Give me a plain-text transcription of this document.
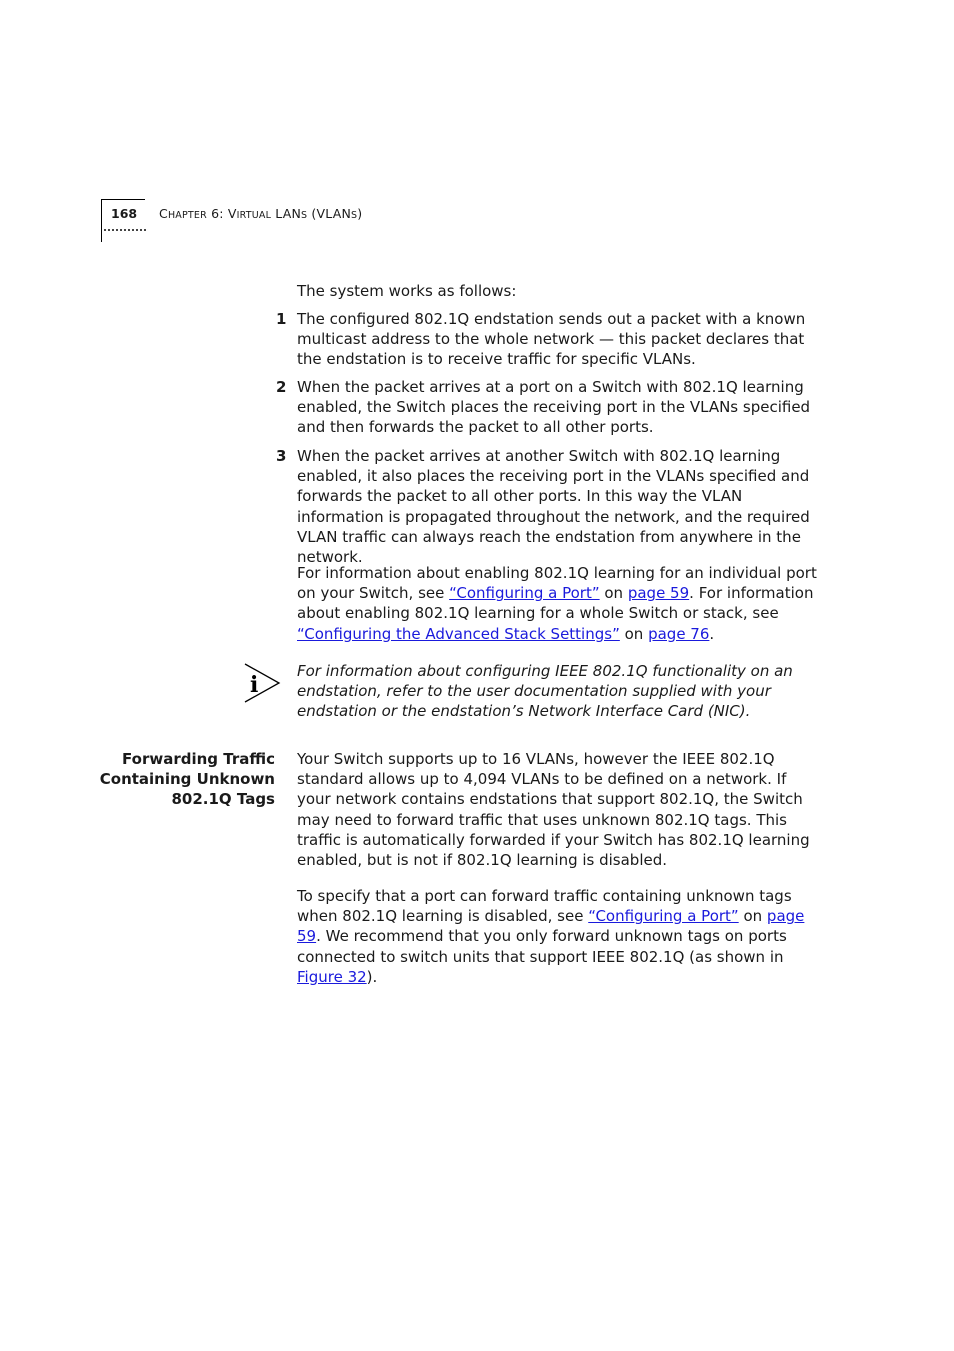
168 CHAPTER 6: VIRTUAL LANS (VLANS)
The system works as follows:
1 The configured 802.1Q endstation sends out a packet with a known multicast address to the whole network — this packet declares that the endstation is to receive traffic for specific VLANs.
2 When the packet arrives at a port on a Switch with 802.1Q learning enabled, the Switch places the receiving port in the VLANs specified and then forwards the packet to all other ports.
3 When the packet arrives at another Switch with 802.1Q learning enabled, it also places the receiving port in the VLANs specified and forwards the packet to all other ports. In this way the VLAN information is propagated throughout the network, and the required VLAN traffic can always reach the endstation from anywhere in the network.
For information about enabling 802.1Q learning for an individual port on your Switch, see “Configuring a Port” on page 59. For information about enabling 802.1Q learning for a whole Switch or stack, see “Configuring the Advanced Stack Settings” on page 76.
i
For information about configuring IEEE 802.1Q functionality on an endstation, refer to the user documentation supplied with your endstation or the endstation’s Network Interface Card (NIC).
Forwarding Traffic
Containing Unknown
802.1Q Tags
Your Switch supports up to 16 VLANs, however the IEEE 802.1Q standard allows up to 4,094 VLANs to be defined on a network. If your network contains endstations that support 802.1Q, the Switch may need to forward traffic that uses unknown 802.1Q tags. This traffic is automatically forwarded if your Switch has 802.1Q learning enabled, but is not if 802.1Q learning is disabled.
To specify that a port can forward traffic containing unknown tags when 802.1Q learning is disabled, see “Configuring a Port” on page 59. We recommend that you only forward unknown tags on ports connected to switch units that support IEEE 802.1Q (as shown in Figure 32).
